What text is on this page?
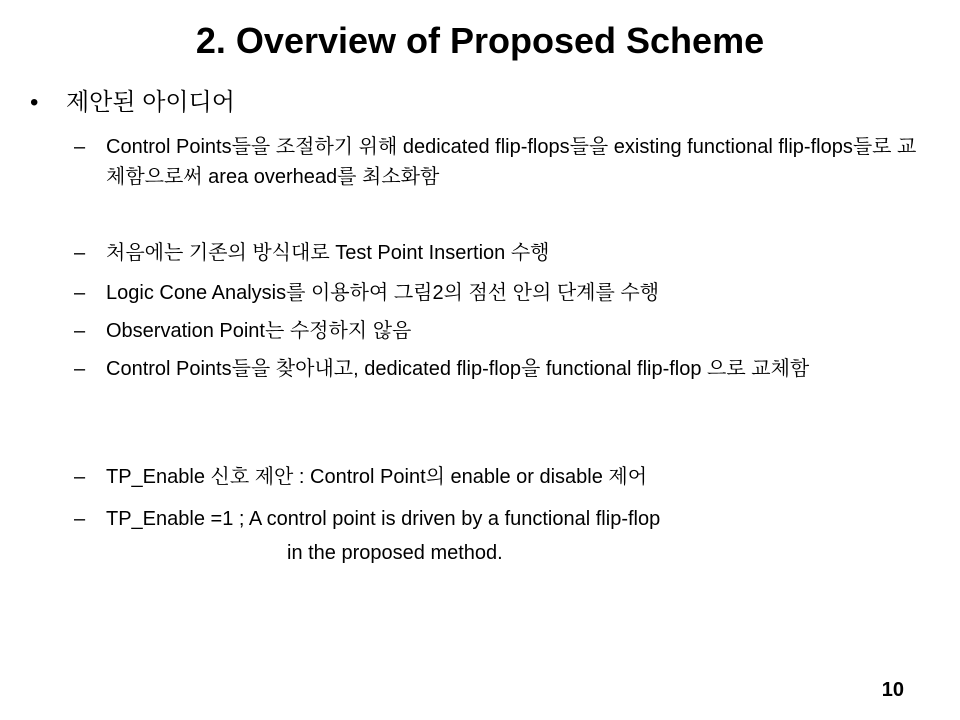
2. Overview of Proposed Scheme
• 제안된 아이디어
– Control Points들을 조절하기 위해 dedicated flip-flops들을 existing functional flip-flops들로 교체함으로써 area overhead를 최소화함
– 처음에는 기존의 방식대로 Test Point Insertion 수행
– Logic Cone Analysis를 이용하여 그림2의 점선 안의 단계를 수행
– Observation Point는 수정하지 않음
– Control Points들을 찾아내고, dedicated flip-flop을 functional flip-flop 으로 교체함
– TP_Enable 신호 제안 : Control Point의 enable or disable 제어
– TP_Enable =1 ; A control point is driven by a functional flip-flop
in the proposed method.
10
